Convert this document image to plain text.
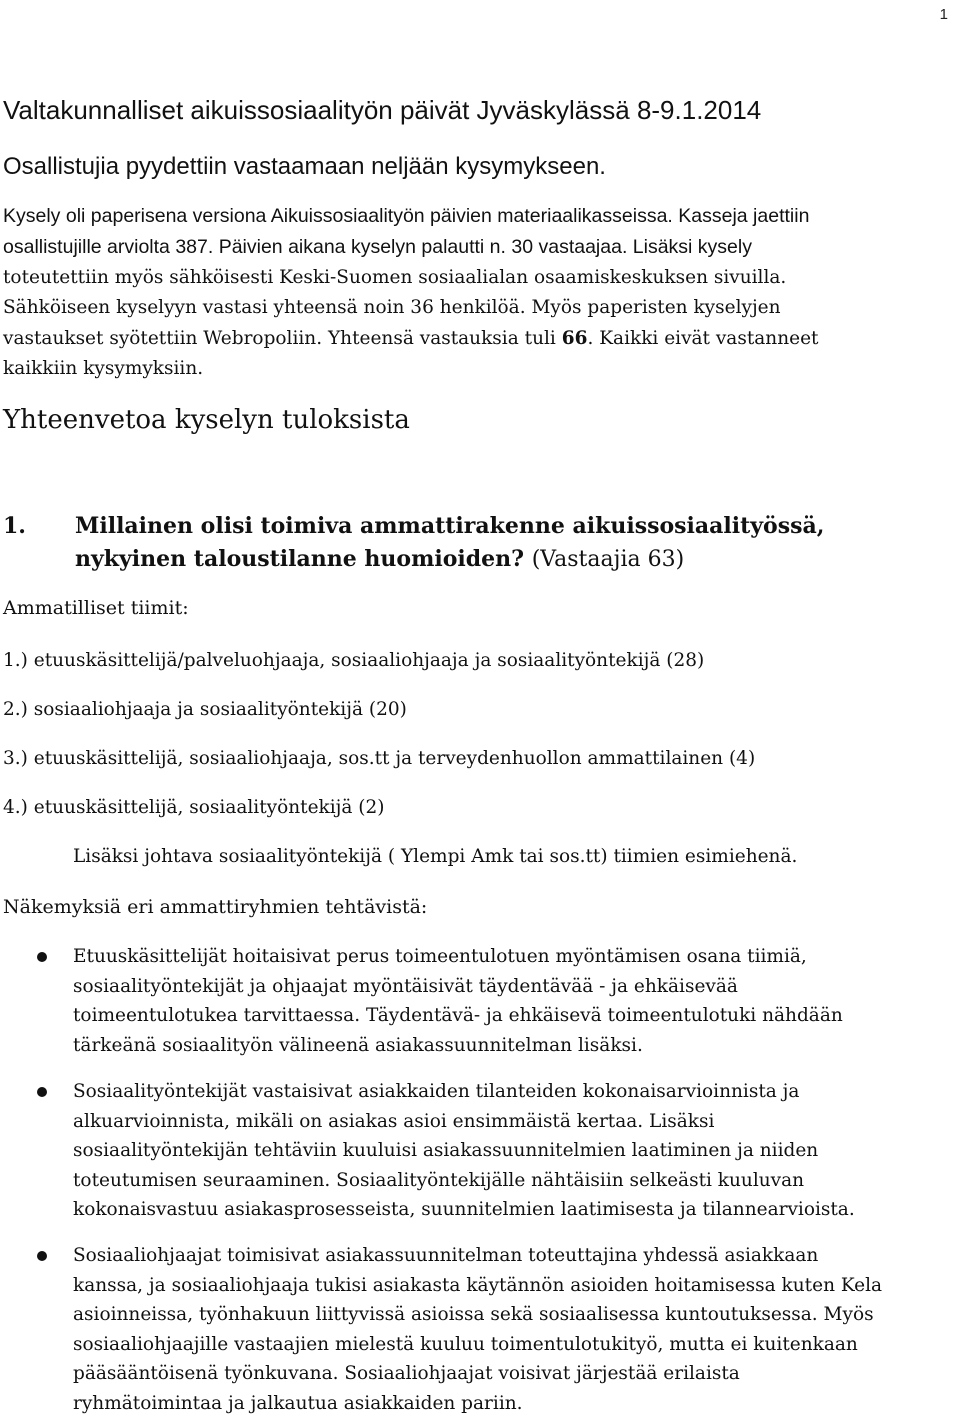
1
Valtakunnalliset aikuissosiaalityön päivät Jyväskylässä 8-9.1.2014
Osallistujia pyydettiin vastaamaan neljään kysymykseen.
Kysely oli paperisena versiona Aikuissosiaalityön päivien materiaalikasseissa. Kasseja jaettiin
osallistujille arviolta 387. Päivien aikana kyselyn palautti n. 30 vastaajaa. Lisäksi kysely
toteutettiin myös sähköisesti Keski-Suomen sosiaalialan osaamiskeskuksen sivuilla.
Sähköiseen kyselyyn vastasi yhteensä noin 36 henkilöä. Myös paperisten kyselyjen
vastaukset syötettiin Webropoliin. Yhteensä vastauksia tuli 66. Kaikki eivät vastanneet
kaikkiin kysymyksiin.
Yhteenvetoa kyselyn tuloksista
1. Millainen olisi toimiva ammattirakenne aikuissosiaalityössä,
nykyinen taloustilanne huomioiden? (Vastaajia 63)
Ammatilliset tiimit:
1.) etuuskäsittelijä/palveluohjaaja, sosiaaliohjaaja ja sosiaalityöntekijä (28)
2.) sosiaaliohjaaja ja sosiaalityöntekijä (20)
3.) etuuskäsittelijä, sosiaaliohjaaja, sos.tt ja terveydenhuollon ammattilainen (4)
4.) etuuskäsittelijä, sosiaalityöntekijä (2)
Lisäksi johtava sosiaalityöntekijä ( Ylempi Amk tai sos.tt) tiimien esimiehenä.
Näkemyksiä eri ammattiryhmien tehtävistä:
Etuuskäsittelijät hoitaisivat perus toimeentulotuen myöntämisen osana tiimiä,
sosiaalityöntekijät ja ohjaajat myöntäisivät täydentävää - ja ehkäisevää
toimeentulotukea tarvittaessa. Täydentävä- ja ehkäisevä toimeentulotuki nähdään
tärkeänä sosiaalityön välineenä asiakassuunnitelman lisäksi.
Sosiaalityöntekijät vastaisivat asiakkaiden tilanteiden kokonaisarvioinnista ja
alkuarvioinnista, mikäli on asiakas asioi ensimmäistä kertaa. Lisäksi
sosiaalityöntekijän tehtäviin kuuluisi asiakassuunnitelmien laatiminen ja niiden
toteutumisen seuraaminen. Sosiaalityöntekijälle nähtäisiin selkeästi kuuluvan
kokonaisvastuu asiakasprosesseista, suunnitelmien laatimisesta ja tilannearvioista.
Sosiaaliohjaajat toimisivat asiakassuunnitelman toteuttajina yhdessä asiakkaan
kanssa, ja sosiaaliohjaaja tukisi asiakasta käytännön asioiden hoitamisessa kuten Kela
asioinneissa, työnhakuun liittyvissä asioissa sekä sosiaalisessa kuntoutuksessa. Myös
sosiaaliohjaajille vastaajien mielestä kuuluu toimentulotukityö, mutta ei kuitenkaan
pääsääntöisenä työnkuvana. Sosiaaliohjaajat voisivat järjestää erilaista
ryhmätoimintaa ja jalkautua asiakkaiden pariin.
